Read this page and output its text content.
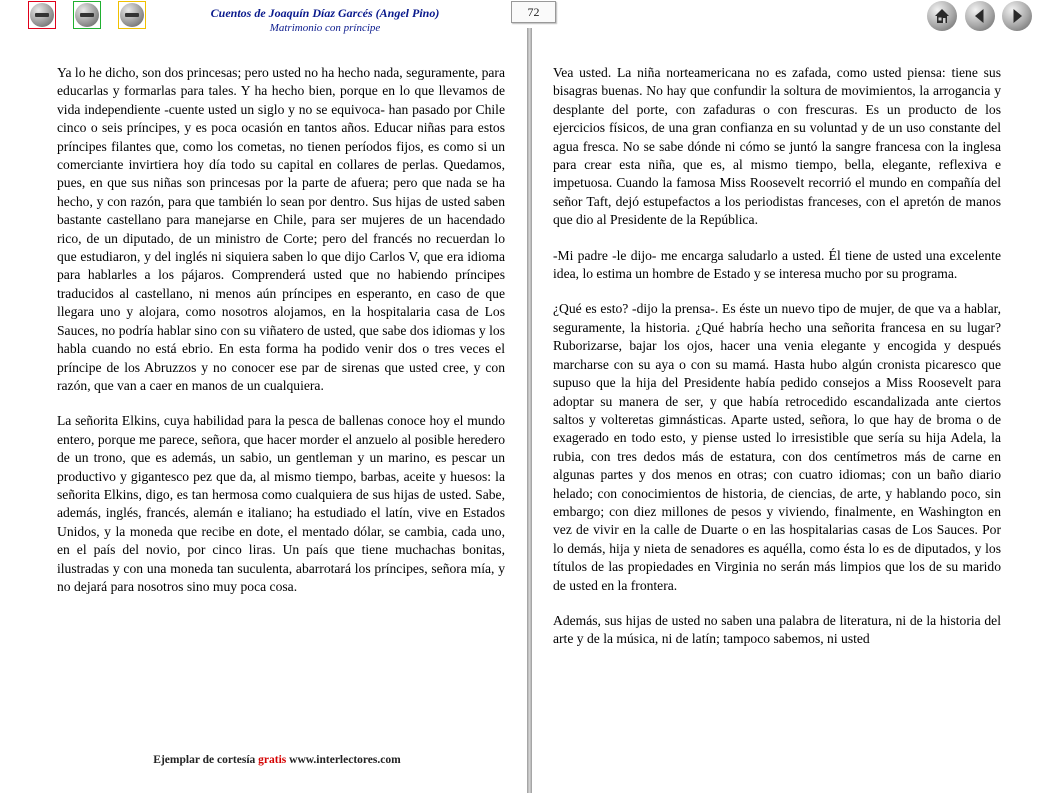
Cuentos de Joaquín Díaz Garcés (Angel Pino)
Matrimonio con príncipe
72

Ya lo he dicho, son dos princesas; pero usted no ha hecho nada, seguramente, para educarlas y formarlas para tales. Y ha hecho bien, porque en lo que llevamos de vida independiente -cuente usted un siglo y no se equivoca- han pasado por Chile cinco o seis príncipes, y es poca ocasión en tantos años. Educar niñas para estos príncipes filantes que, como los cometas, no tienen períodos fijos, es como si un comerciante invirtiera hoy día todo su capital en collares de perlas. Quedamos, pues, en que sus niñas son princesas por la parte de afuera; pero que nada se ha hecho, y con razón, para que también lo sean por dentro. Sus hijas de usted saben bastante castellano para manejarse en Chile, para ser mujeres de un hacendado rico, de un diputado, de un ministro de Corte; pero del francés no recuerdan lo que estudiaron, y del inglés ni siquiera saben lo que dijo Carlos V, que era idioma para hablarles a los pájaros. Comprenderá usted que no habiendo príncipes traducidos al castellano, ni menos aún príncipes en esperanto, en caso de que llegara uno y alojara, como nosotros alojamos, en la hospitalaria casa de Los Sauces, no podría hablar sino con su viñatero de usted, que sabe dos idiomas y los habla cuando no está ebrio. En esta forma ha podido venir dos o tres veces el príncipe de los Abruzzos y no conocer ese par de sirenas que usted cree, y con razón, que van a caer en manos de un cualquiera.

La señorita Elkins, cuya habilidad para la pesca de ballenas conoce hoy el mundo entero, porque me parece, señora, que hacer morder el anzuelo al posible heredero de un trono, que es además, un sabio, un gentleman y un marino, es pescar un productivo y gigantesco pez que da, al mismo tiempo, barbas, aceite y huesos: la señorita Elkins, digo, es tan hermosa como cualquiera de sus hijas de usted. Sabe, además, inglés, francés, alemán e italiano; ha estudiado el latín, vive en Estados Unidos, y la moneda que recibe en dote, el mentado dólar, se cambia, cada uno, en el país del novio, por cinco liras. Un país que tiene muchachas bonitas, ilustradas y con una moneda tan suculenta, abarrotará los príncipes, señora mía, y no dejará para nosotros sino muy poca cosa.

Vea usted. La niña norteamericana no es zafada, como usted piensa: tiene sus bisagras buenas. No hay que confundir la soltura de movimientos, la arrogancia y desplante del porte, con zafaduras o con frescuras. Es un producto de los ejercicios físicos, de una gran confianza en su voluntad y de un uso constante del agua fresca. No se sabe dónde ni cómo se juntó la sangre francesa con la inglesa para crear esta niña, que es, al mismo tiempo, bella, elegante, reflexiva e impetuosa. Cuando la famosa Miss Roosevelt recorrió el mundo en compañía del señor Taft, dejó estupefactos a los periodistas franceses, con el apretón de manos que dio al Presidente de la República.

-Mi padre -le dijo- me encarga saludarlo a usted. Él tiene de usted una excelente idea, lo estima un hombre de Estado y se interesa mucho por su programa.

¿Qué es esto? -dijo la prensa-. Es éste un nuevo tipo de mujer, de que va a hablar, seguramente, la historia. ¿Qué habría hecho una señorita francesa en su lugar? Ruborizarse, bajar los ojos, hacer una venia elegante y encogida y después marcharse con su aya o con su mamá. Hasta hubo algún cronista picaresco que supuso que la hija del Presidente había pedido consejos a Miss Roosevelt para adoptar su manera de ser, y que había retrocedido escandalizada ante ciertos saltos y volteretas gimnásticas. Aparte usted, señora, lo que hay de broma o de exagerado en todo esto, y piense usted lo irresistible que sería su hija Adela, la rubia, con tres dedos más de estatura, con dos centímetros más de carne en algunas partes y dos menos en otras; con cuatro idiomas; con un baño diario helado; con conocimientos de historia, de ciencias, de arte, y hablando poco, sin embargo; con diez millones de pesos y viviendo, finalmente, en Washington en vez de vivir en la calle de Duarte o en las hospitalarias casas de Los Sauces. Por lo demás, hija y nieta de senadores es aquélla, como ésta lo es de diputados, y los títulos de las propiedades en Virginia no serán más limpios que los de su marido de usted en la frontera.

Además, sus hijas de usted no saben una palabra de literatura, ni de la historia del arte y de la música, ni de latín; tampoco sabemos, ni usted

Ejemplar de cortesía gratis www.interlectores.com
